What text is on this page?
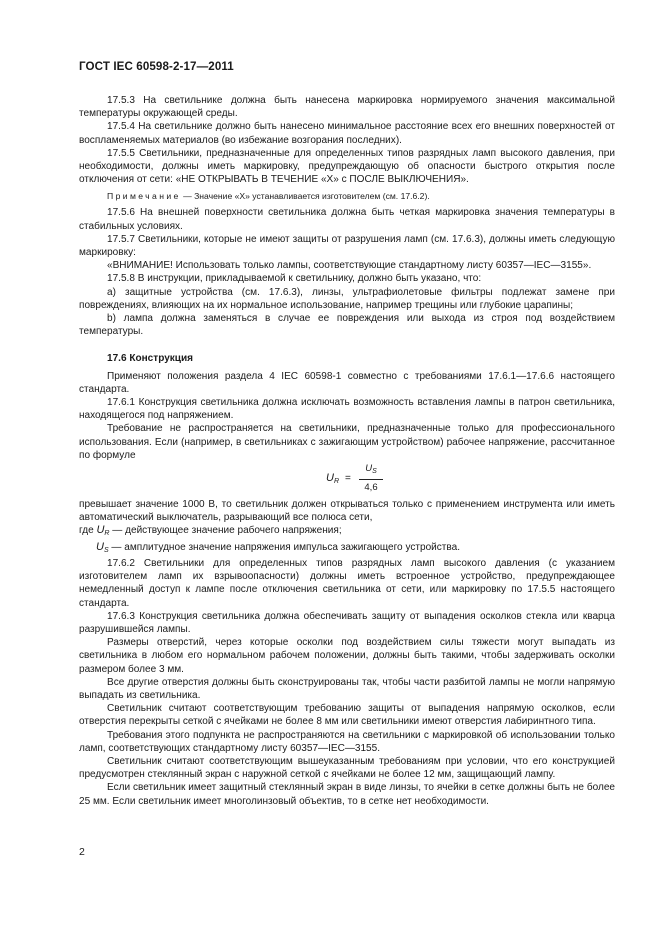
ГОСТ IEC 60598-2-17—2011

17.5.3 На светильнике должна быть нанесена маркировка нормируемого значения максимальной температуры окружающей среды.

17.5.4 На светильнике должно быть нанесено минимальное расстояние всех его внешних поверхностей от воспламеняемых материалов (во избежание возгорания последних).

17.5.5 Светильники, предназначенные для определенных типов разрядных ламп высокого давления, при необходимости, должны иметь маркировку, предупреждающую об опасности быстрого открытия после отключения от сети: «НЕ ОТКРЫВАТЬ В ТЕЧЕНИЕ «X» с ПОСЛЕ ВЫКЛЮЧЕНИЯ».

Примечание — Значение «X» устанавливается изготовителем (см. 17.6.2).

17.5.6 На внешней поверхности светильника должна быть четкая маркировка значения температуры в стабильных условиях.

17.5.7 Светильники, которые не имеют защиты от разрушения ламп (см. 17.6.3), должны иметь следующую маркировку:

«ВНИМАНИЕ! Использовать только лампы, соответствующие стандартному листу 60357—IEC—3155».

17.5.8 В инструкции, прикладываемой к светильнику, должно быть указано, что:

a) защитные устройства (см. 17.6.3), линзы, ультрафиолетовые фильтры подлежат замене при повреждениях, влияющих на их нормальное использование, например трещины или глубокие царапины;

b) лампа должна заменяться в случае ее повреждения или выхода из строя под воздействием температуры.

17.6 Конструкция

Применяют положения раздела 4 IEC 60598-1 совместно с требованиями 17.6.1—17.6.6 настоящего стандарта.

17.6.1 Конструкция светильника должна исключать возможность вставления лампы в патрон светильника, находящегося под напряжением.

Требование не распространяется на светильники, предназначенные только для профессионального использования. Если (например, в светильниках с зажигающим устройством) рабочее напряжение, рассчитанное по формуле

$U_R = \frac{U_S}{4,6}$

превышает значение 1000 В, то светильник должен открываться только с применением инструмента или иметь автоматический выключатель, разрывающий все полюса сети,

где $U_R$ — действующее значение рабочего напряжения;

$U_S$ — амплитудное значение напряжения импульса зажигающего устройства.

17.6.2 Светильники для определенных типов разрядных ламп высокого давления (с указанием изготовителем ламп их взрывоопасности) должны иметь встроенное устройство, предупреждающее немедленный доступ к лампе после отключения светильника от сети, или маркировку по 17.5.5 настоящего стандарта.

17.6.3 Конструкция светильника должна обеспечивать защиту от выпадения осколков стекла или кварца разрушившейся лампы.

Размеры отверстий, через которые осколки под воздействием силы тяжести могут выпадать из светильника в любом его нормальном рабочем положении, должны быть такими, чтобы задерживать осколки размером более 3 мм.

Все другие отверстия должны быть сконструированы так, чтобы части разбитой лампы не могли напрямую выпадать из светильника.

Светильник считают соответствующим требованию защиты от выпадения напрямую осколков, если отверстия перекрыты сеткой с ячейками не более 8 мм или светильники имеют отверстия лабиринтного типа.

Требования этого подпункта не распространяются на светильники с маркировкой об использовании только ламп, соответствующих стандартному листу 60357—IEC—3155.

Светильник считают соответствующим вышеуказанным требованиям при условии, что его конструкцией предусмотрен стеклянный экран с наружной сеткой с ячейками не более 12 мм, защищающий лампу.

Если светильник имеет защитный стеклянный экран в виде линзы, то ячейки в сетке должны быть не более 25 мм. Если светильник имеет многолинзовый объектив, то в сетке нет необходимости.

2
